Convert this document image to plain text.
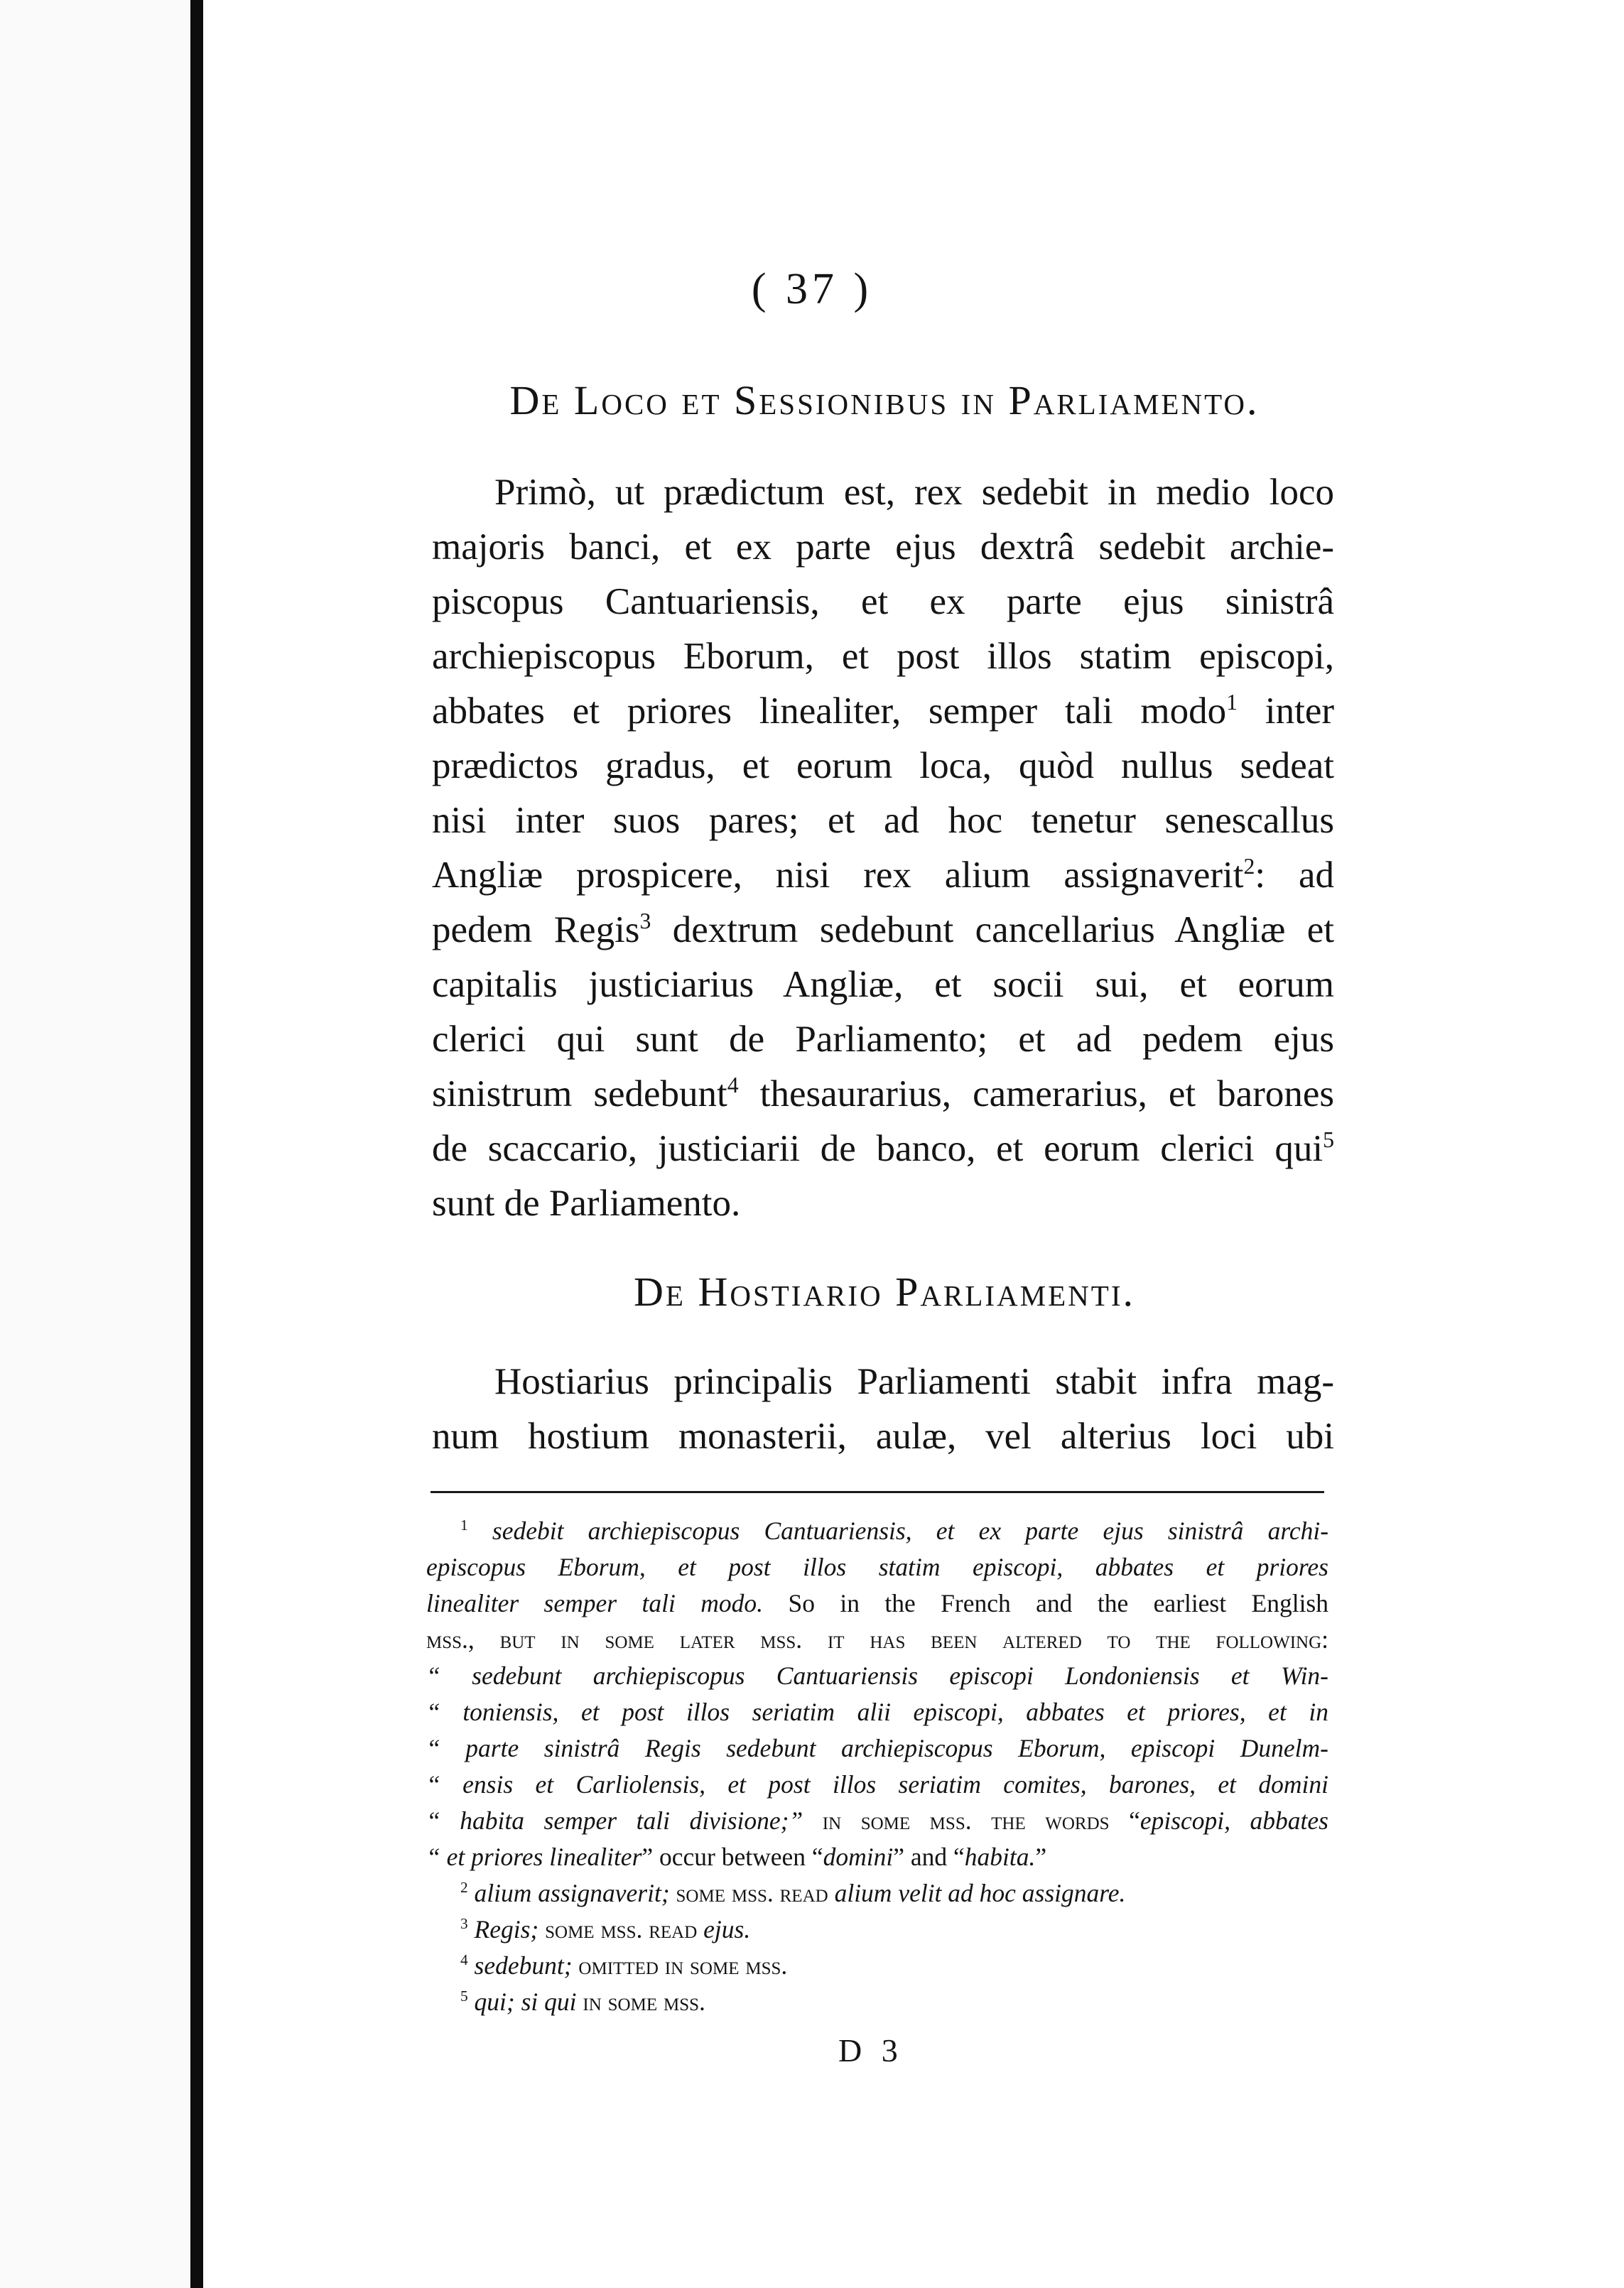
( 37 )
De Loco et Sessionibus in Parliamento.
Primò, ut prædictum est, rex sedebit in medio loco
majoris banci, et ex parte ejus dextrâ sedebit archie-
piscopus Cantuariensis, et ex parte ejus sinistrâ
archiepiscopus Eborum, et post illos statim episcopi,
abbates et priores linealiter, semper tali modo$^1$ inter
prædictos gradus, et eorum loca, quòd nullus sedeat
nisi inter suos pares; et ad hoc tenetur senescallus
Angliæ prospicere, nisi rex alium assignaverit$^2$: ad
pedem Regis$^3$ dextrum sedebunt cancellarius Angliæ et
capitalis justiciarius Angliæ, et socii sui, et eorum
clerici qui sunt de Parliamento; et ad pedem ejus
sinistrum sedebunt$^4$ thesaurarius, camerarius, et barones
de scaccario, justiciarii de banco, et eorum clerici qui$^5$
sunt de Parliamento.
De Hostiario Parliamenti.
Hostiarius principalis Parliamenti stabit infra mag-
num hostium monasterii, aulæ, vel alterius loci ubi
$^1$ sedebit archiepiscopus Cantuariensis, et ex parte ejus sinistrâ archi-
episcopus Eborum, et post illos statim episcopi, abbates et priores
linealiter semper tali modo. So in the French and the earliest English
mss., but in some later mss. it has been altered to the following:
“ sedebunt archiepiscopus Cantuariensis episcopi Londoniensis et Win-
“ toniensis, et post illos seriatim alii episcopi, abbates et priores, et in
“ parte sinistrâ Regis sedebunt archiepiscopus Eborum, episcopi Dunelm-
“ ensis et Carliolensis, et post illos seriatim comites, barones, et domini
“ habita semper tali divisione;” in some mss. the words “episcopi, abbates
“ et priores linealiter” occur between “domini” and “habita.”
$^2$ alium assignaverit; some mss. read alium velit ad hoc assignare.
$^3$ Regis; some mss. read ejus.
$^4$ sedebunt; omitted in some mss.
$^5$ qui; si qui in some mss.
D 3
